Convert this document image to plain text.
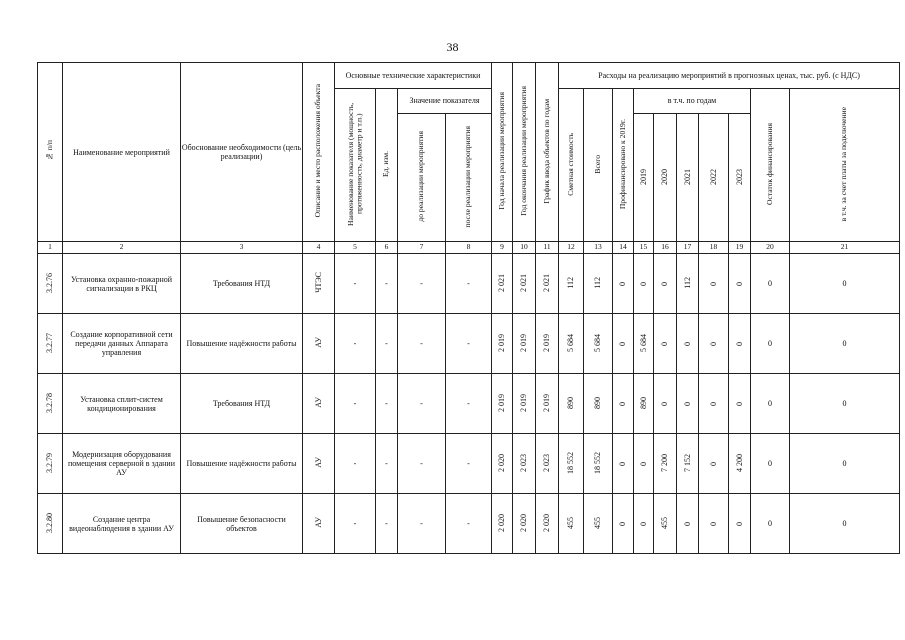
38
№ п/п	Наименование мероприятий	Обоснование необходимости (цель реализации)	Описание и место расположения объекта	Основные технические характеристики				Год начала реализации мероприятия	Год окончания реализации мероприятия	График ввода объектов по годам	Расходы на реализацию мероприятий в прогнозных ценах, тыс. руб. (с НДС)									
				Наименование показателя (мощность, протяженность, диаметр и т.п.)	Ед. изм.	Значение показателя					Сметная стоимость	Всего	Профинансировано к 2019г.	в т.ч. по годам					Остаток финансирования	в т.ч. за счет платы за подключение
						до реализации мероприятия	после реализации мероприятия							2019	2020	2021	2022	2023		
1	2	3	4	5	6	7	8	9	10	11	12	13	14	15	16	17	18	19	20	21
3.2.76	Установка охранно-пожарной сигнализации в РКЦ	Требования НТД	ЧТЭС	-	-	-	-	2 021	2 021	2 021	112	112	0	0	0	112	0	0	0	0
3.2.77	Создание корпоративной сети передачи данных Аппарата управления	Повышение надёжности работы	АУ	-	-	-	-	2 019	2 019	2 019	5 684	5 684	0	5 684	0	0	0	0	0	0
3.2.78	Установка сплит-систем кондиционирования	Требования НТД	АУ	-	-	-	-	2 019	2 019	2 019	890	890	0	890	0	0	0	0	0	0
3.2.79	Модернизация оборудования помещения серверной в здании АУ	Повышение надёжности работы	АУ	-	-	-	-	2 020	2 023	2 023	18 552	18 552	0	0	7 200	7 152	0	4 200	0	0
3.2.80	Создание центра видеонаблюдения в здании АУ	Повышение безопасности объектов	АУ	-	-	-	-	2 020	2 020	2 020	455	455	0	0	455	0	0	0	0	0
